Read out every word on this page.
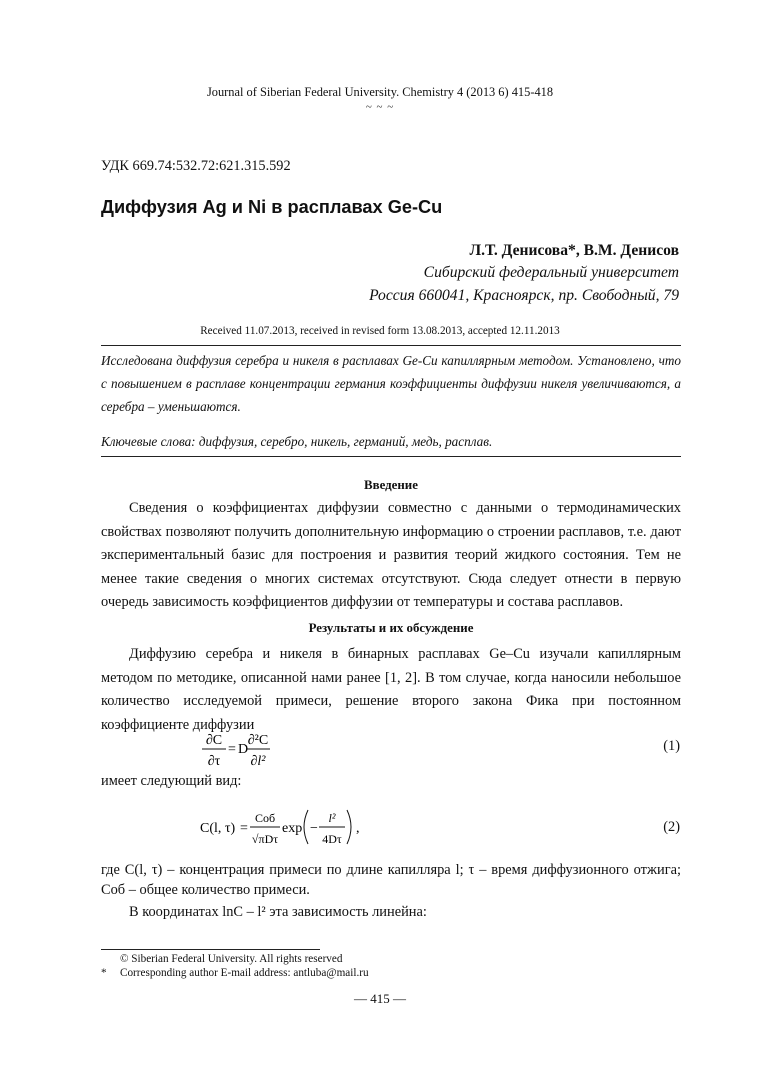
Journal of Siberian Federal University. Chemistry 4 (2013 6) 415-418
~ ~ ~
УДК 669.74:532.72:621.315.592
Диффузия Ag и Ni в расплавах Ge-Cu
Л.Т. Денисова*, В.М. Денисов
Сибирский федеральный университет
Россия 660041, Красноярск, пр. Свободный, 79
Received 11.07.2013, received in revised form 13.08.2013, accepted 12.11.2013
Исследована диффузия серебра и никеля в расплавах Ge-Cu капиллярным методом. Установлено, что с повышением в расплаве концентрации германия коэффициенты диффузии никеля увеличиваются, а серебра – уменьшаются.
Ключевые слова: диффузия, серебро, никель, германий, медь, расплав.
Введение
Сведения о коэффициентах диффузии совместно с данными о термодинамических свойствах позволяют получить дополнительную информацию о строении расплавов, т.е. дают экспериментальный базис для построения и развития теорий жидкого состояния. Тем не менее такие сведения о многих системах отсутствуют. Сюда следует отнести в первую очередь зависимость коэффициентов диффузии от температуры и состава расплавов.
Результаты и их обсуждение
Диффузию серебра и никеля в бинарных расплавах Ge–Cu изучали капиллярным методом по методике, описанной нами ранее [1, 2]. В том случае, когда наносили небольшое количество исследуемой примеси, решение второго закона Фика при постоянном коэффициенте диффузии
∂C
∂τ
= D
∂²C
∂l²
(1)
имеет следующий вид:
C(l, τ) =
Cоб
√πDτ
exp −
l²
4Dτ
,	(2)
где C(l, τ) – концентрация примеси по длине капилляра l; τ – время диффузионного отжига;
Cоб – общее количество примеси.
В координатах lnC – l² эта зависимость линейна:
© Siberian Federal University. All rights reserved
* Corresponding author E-mail address: antluba@mail.ru
— 415 —
